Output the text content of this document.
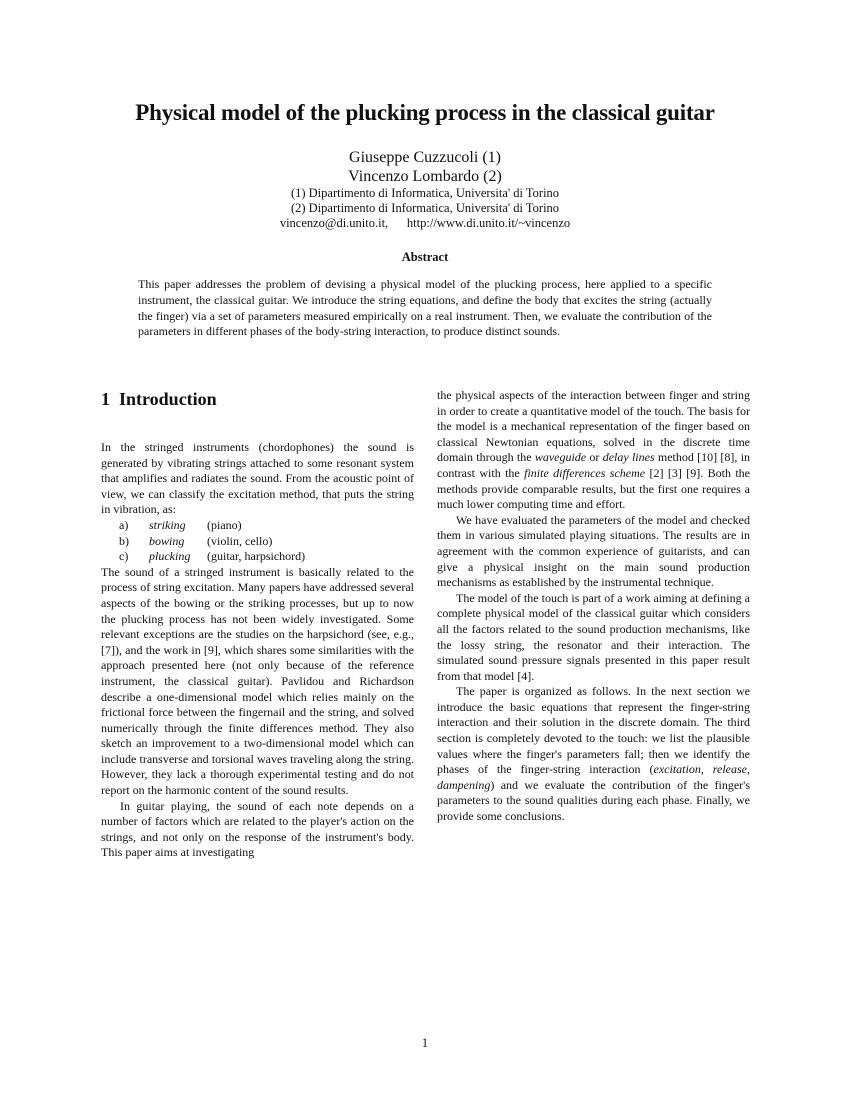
Physical model of the plucking process in the classical guitar
Giuseppe Cuzzucoli (1)
Vincenzo Lombardo (2)
(1) Dipartimento di Informatica, Universita' di Torino
(2) Dipartimento di Informatica, Universita' di Torino
vincenzo@di.unito.it,      http://www.di.unito.it/~vincenzo
Abstract
This paper addresses the problem of devising a physical model of the plucking process, here applied to a specific instrument, the classical guitar. We introduce the string equations, and define the body that excites the string (actually the finger) via a set of parameters measured empirically on a real instrument. Then, we evaluate the contribution of the parameters in different phases of the body-string interaction, to produce distinct sounds.
1 Introduction

In the stringed instruments (chordophones) the sound is generated by vibrating strings attached to some resonant system that amplifies and radiates the sound. From the acoustic point of view, we can classify the excitation method, that puts the string in vibration, as:

a)	striking	(piano)
b)	bowing	(violin, cello)
c)	plucking	(guitar, harpsichord)

The sound of a stringed instrument is basically related to the process of string excitation. Many papers have addressed several aspects of the bowing or the striking processes, but up to now the plucking process has not been widely investigated. Some relevant exceptions are the studies on the harpsichord (see, e.g., [7]), and the work in [9], which shares some similarities with the approach presented here (not only because of the reference instrument, the classical guitar). Pavlidou and Richardson describe a one-dimensional model which relies mainly on the frictional force between the fingernail and the string, and solved numerically through the finite differences method. They also sketch an improvement to a two-dimensional model which can include transverse and torsional waves traveling along the string. However, they lack a thorough experimental testing and do not report on the harmonic content of the sound results.

In guitar playing, the sound of each note depends on a number of factors which are related to the player's action on the strings, and not only on the response of the instrument's body. This paper aims at investigating

the physical aspects of the interaction between finger and string in order to create a quantitative model of the touch. The basis for the model is a mechanical representation of the finger based on classical Newtonian equations, solved in the discrete time domain through the waveguide or delay lines method [10] [8], in contrast with the finite differences scheme [2] [3] [9]. Both the methods provide comparable results, but the first one requires a much lower computing time and effort.

We have evaluated the parameters of the model and checked them in various simulated playing situations. The results are in agreement with the common experience of guitarists, and can give a physical insight on the main sound production mechanisms as established by the instrumental technique.

The model of the touch is part of a work aiming at defining a complete physical model of the classical guitar which considers all the factors related to the sound production mechanisms, like the lossy string, the resonator and their interaction. The simulated sound pressure signals presented in this paper result from that model [4].

The paper is organized as follows. In the next section we introduce the basic equations that represent the finger-string interaction and their solution in the discrete domain. The third section is completely devoted to the touch: we list the plausible values where the finger's parameters fall; then we identify the phases of the finger-string interaction (excitation, release, dampening) and we evaluate the contribution of the finger's parameters to the sound qualities during each phase. Finally, we provide some conclusions.

1
